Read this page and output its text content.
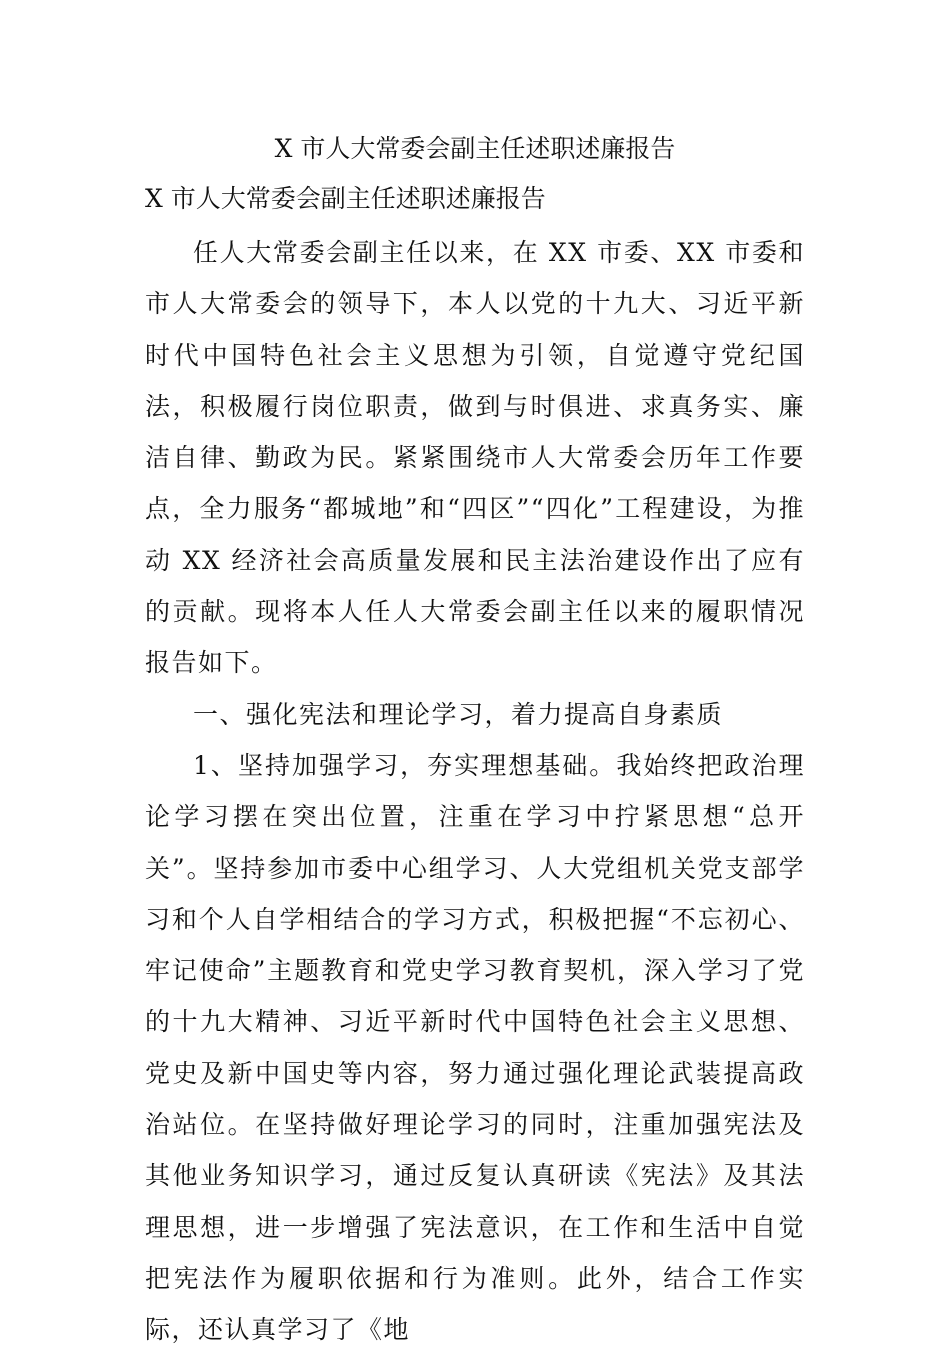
X 市人大常委会副主任述职述廉报告
X 市人大常委会副主任述职述廉报告

任人大常委会副主任以来，在 XX 市委、XX 市委和市人大常委会的领导下，本人以党的十九大、习近平新时代中国特色社会主义思想为引领，自觉遵守党纪国法，积极履行岗位职责，做到与时俱进、求真务实、廉洁自律、勤政为民。紧紧围绕市人大常委会历年工作要点，全力服务“都城地”和“四区”“四化”工程建设，为推动 XX 经济社会高质量发展和民主法治建设作出了应有的贡献。现将本人任人大常委会副主任以来的履职情况报告如下。

一、强化宪法和理论学习，着力提高自身素质

1、坚持加强学习，夯实理想基础。我始终把政治理论学习摆在突出位置，注重在学习中拧紧思想“总开关”。坚持参加市委中心组学习、人大党组机关党支部学习和个人自学相结合的学习方式，积极把握“不忘初心、牢记使命”主题教育和党史学习教育契机，深入学习了党的十九大精神、习近平新时代中国特色社会主义思想、党史及新中国史等内容，努力通过强化理论武装提高政治站位。在坚持做好理论学习的同时，注重加强宪法及其他业务知识学习，通过反复认真研读《宪法》及其法理思想，进一步增强了宪法意识，在工作和生活中自觉把宪法作为履职依据和行为准则。此外，结合工作实际，还认真学习了《地
